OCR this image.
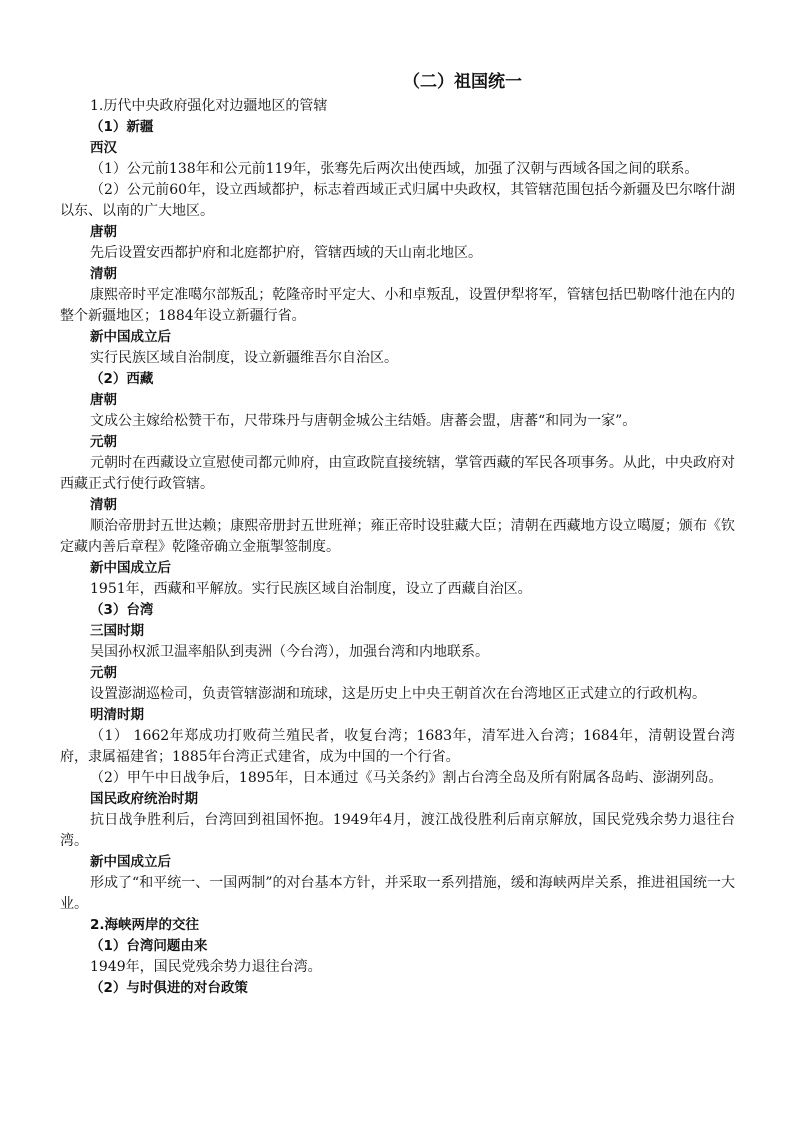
（二）祖国统一
1.历代中央政府强化对边疆地区的管辖
（1）新疆
西汉
（1）公元前138年和公元前119年，张骞先后两次出使西域，加强了汉朝与西域各国之间的联系。
（2）公元前60年，设立西域都护，标志着西域正式归属中央政权，其管辖范围包括今新疆及巴尔喀什湖以东、以南的广大地区。
唐朝
先后设置安西都护府和北庭都护府，管辖西域的天山南北地区。
清朝
康熙帝时平定准噶尔部叛乱；乾隆帝时平定大、小和卓叛乱，设置伊犁将军，管辖包括巴勒喀什池在内的整个新疆地区；1884年设立新疆行省。
新中国成立后
实行民族区域自治制度，设立新疆维吾尔自治区。
（2）西藏
唐朝
文成公主嫁给松赞干布，尺带珠丹与唐朝金城公主结婚。唐蕃会盟，唐蕃“和同为一家”。
元朝
元朝时在西藏设立宣慰使司都元帅府，由宣政院直接统辖，掌管西藏的军民各项事务。从此，中央政府对西藏正式行使行政管辖。
清朝
顺治帝册封五世达赖；康熙帝册封五世班禅；雍正帝时设驻藏大臣；清朝在西藏地方设立噶厦；颁布《钦定藏内善后章程》乾隆帝确立金瓶掣签制度。
新中国成立后
1951年，西藏和平解放。实行民族区域自治制度，设立了西藏自治区。
（3）台湾
三国时期
吴国孙权派卫温率船队到夷洲（今台湾），加强台湾和内地联系。
元朝
设置澎湖巡检司，负责管辖澎湖和琉球，这是历史上中央王朝首次在台湾地区正式建立的行政机构。
明清时期
（1） 1662年郑成功打败荷兰殖民者，收复台湾；1683年，清军进入台湾；1684年，清朝设置台湾府，隶属福建省；1885年台湾正式建省，成为中国的一个行省。
（2）甲午中日战争后，1895年，日本通过《马关条约》割占台湾全岛及所有附属各岛屿、澎湖列岛。
国民政府统治时期
抗日战争胜利后，台湾回到祖国怀抱。1949年4月，渡江战役胜利后南京解放，国民党残余势力退往台湾。
新中国成立后
形成了“和平统一、一国两制”的对台基本方针，并采取一系列措施，缓和海峡两岸关系，推进祖国统一大业。
2.海峡两岸的交往
（1）台湾问题由来
1949年，国民党残余势力退往台湾。
（2）与时俱进的对台政策
